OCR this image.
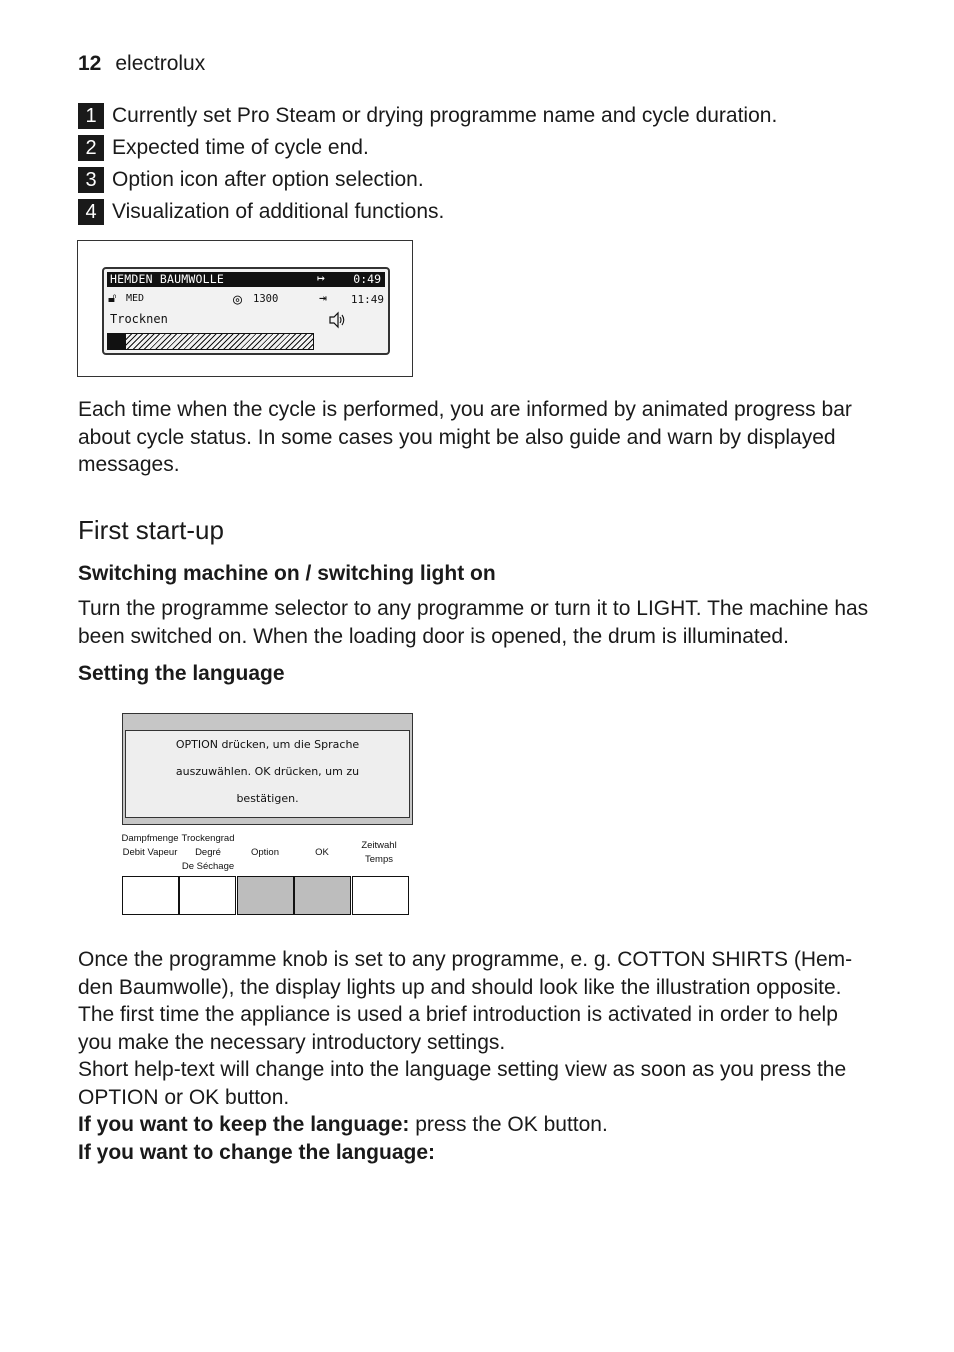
12 electrolux
1 Currently set Pro Steam or drying programme name and cycle duration.
2 Expected time of cycle end.
3 Option icon after option selection.
4 Visualization of additional functions.
HEMDEN BAUMWOLLE	↦ 0:49
🔓︎ MED	◎ 1300	⇥ 11:49
Trocknen
Each time when the cycle is performed, you are informed by animated progress bar about cycle status. In some cases you might be also guide and warn by displayed messages.
First start-up
Switching machine on / switching light on
Turn the programme selector to any programme or turn it to LIGHT. The machine has been switched on. When the loading door is opened, the drum is illuminated.
Setting the language
OPTION drücken, um die Sprache
auszuwählen. OK drücken, um zu
bestätigen.
Dampfmenge
Debit Vapeur
Trockengrad
Degré
De Séchage
Option	OK
Zeitwahl
Temps
Once the programme knob is set to any programme, e. g. COTTON SHIRTS (Hem-
den Baumwolle), the display lights up and should look like the illustration opposite.
The first time the appliance is used a brief introduction is activated in order to help
you make the necessary introductory settings.
Short help-text will change into the language setting view as soon as you press the
OPTION or OK button.
If you want to keep the language: press the OK button.
If you want to change the language:
